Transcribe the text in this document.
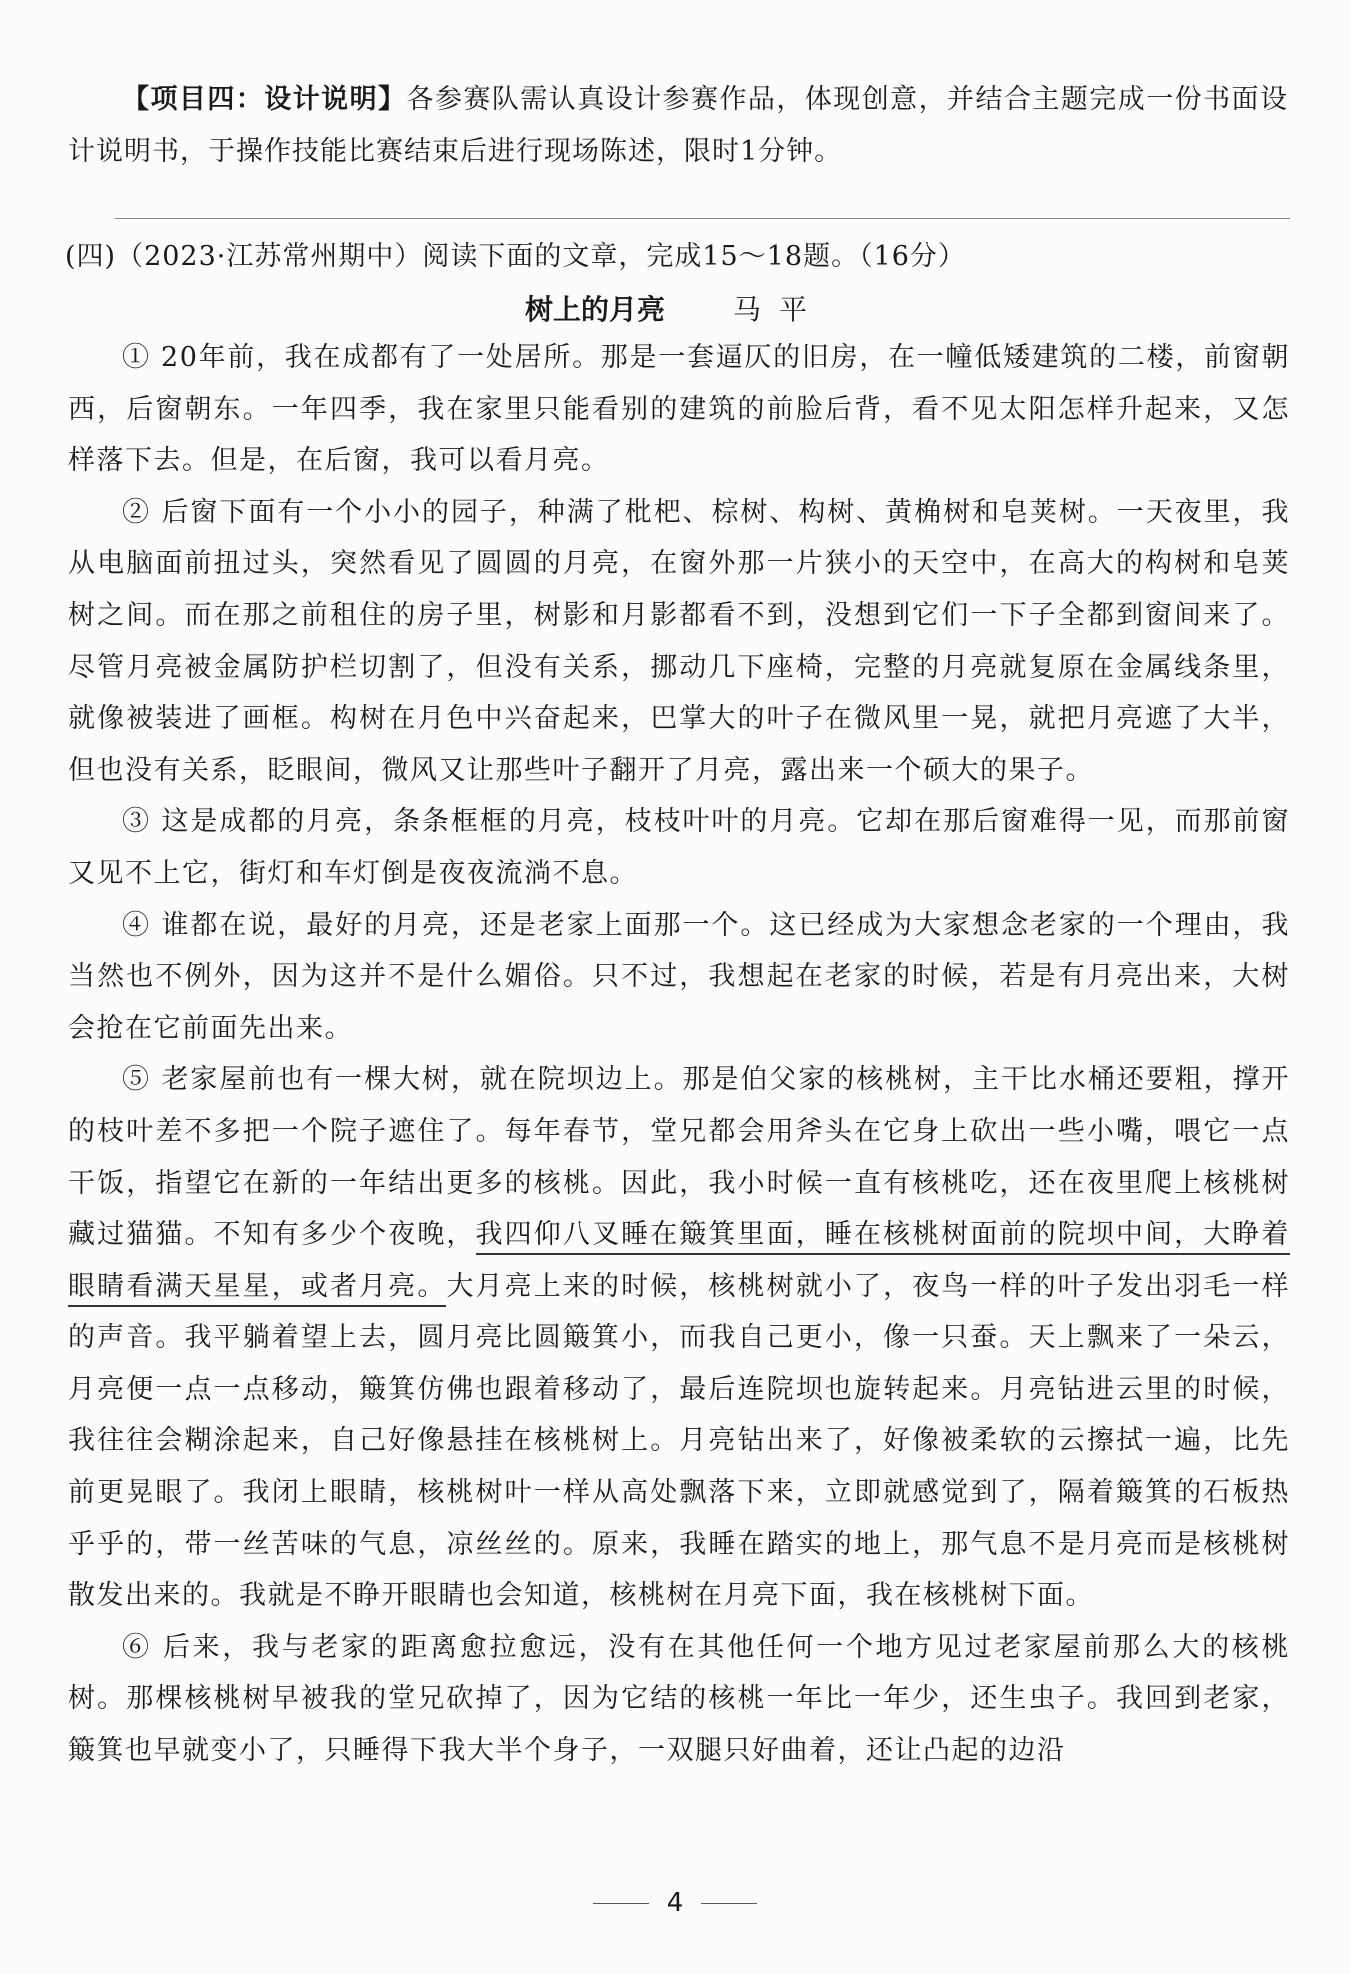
【项目四：设计说明】各参赛队需认真设计参赛作品，体现创意，并结合主题完成一份书面设计说明书，于操作技能比赛结束后进行现场陈述，限时1分钟。
(四)（2023·江苏常州期中）阅读下面的文章，完成15～18题。（16分）
树上的月亮 马平

① 20年前，我在成都有了一处居所。那是一套逼仄的旧房，在一幢低矮建筑的二楼，前窗朝西，后窗朝东。一年四季，我在家里只能看别的建筑的前脸后背，看不见太阳怎样升起来，又怎样落下去。但是，在后窗，我可以看月亮。

② 后窗下面有一个小小的园子，种满了枇杷、棕树、构树、黄桷树和皂荚树。一天夜里，我从电脑面前扭过头，突然看见了圆圆的月亮，在窗外那一片狭小的天空中，在高大的构树和皂荚树之间。而在那之前租住的房子里，树影和月影都看不到，没想到它们一下子全都到窗间来了。尽管月亮被金属防护栏切割了，但没有关系，挪动几下座椅，完整的月亮就复原在金属线条里，就像被装进了画框。构树在月色中兴奋起来，巴掌大的叶子在微风里一晃，就把月亮遮了大半，但也没有关系，眨眼间，微风又让那些叶子翻开了月亮，露出来一个硕大的果子。

③ 这是成都的月亮，条条框框的月亮，枝枝叶叶的月亮。它却在那后窗难得一见，而那前窗又见不上它，街灯和车灯倒是夜夜流淌不息。

④ 谁都在说，最好的月亮，还是老家上面那一个。这已经成为大家想念老家的一个理由，我当然也不例外，因为这并不是什么媚俗。只不过，我想起在老家的时候，若是有月亮出来，大树会抢在它前面先出来。

⑤ 老家屋前也有一棵大树，就在院坝边上。那是伯父家的核桃树，主干比水桶还要粗，撑开的枝叶差不多把一个院子遮住了。每年春节，堂兄都会用斧头在它身上砍出一些小嘴，喂它一点干饭，指望它在新的一年结出更多的核桃。因此，我小时候一直有核桃吃，还在夜里爬上核桃树藏过猫猫。不知有多少个夜晚，我四仰八叉睡在簸箕里面，睡在核桃树面前的院坝中间，大睁着眼睛看满天星星，或者月亮。大月亮上来的时候，核桃树就小了，夜鸟一样的叶子发出羽毛一样的声音。我平躺着望上去，圆月亮比圆簸箕小，而我自己更小，像一只蚕。天上飘来了一朵云，月亮便一点一点移动，簸箕仿佛也跟着移动了，最后连院坝也旋转起来。月亮钻进云里的时候，我往往会糊涂起来，自己好像悬挂在核桃树上。月亮钻出来了，好像被柔软的云擦拭一遍，比先前更晃眼了。我闭上眼睛，核桃树叶一样从高处飘落下来，立即就感觉到了，隔着簸箕的石板热乎乎的，带一丝苦味的气息，凉丝丝的。原来，我睡在踏实的地上，那气息不是月亮而是核桃树散发出来的。我就是不睁开眼睛也会知道，核桃树在月亮下面，我在核桃树下面。

⑥ 后来，我与老家的距离愈拉愈远，没有在其他任何一个地方见过老家屋前那么大的核桃树。那棵核桃树早被我的堂兄砍掉了，因为它结的核桃一年比一年少，还生虫子。我回到老家，簸箕也早就变小了，只睡得下我大半个身子，一双腿只好曲着，还让凸起的边沿

4
